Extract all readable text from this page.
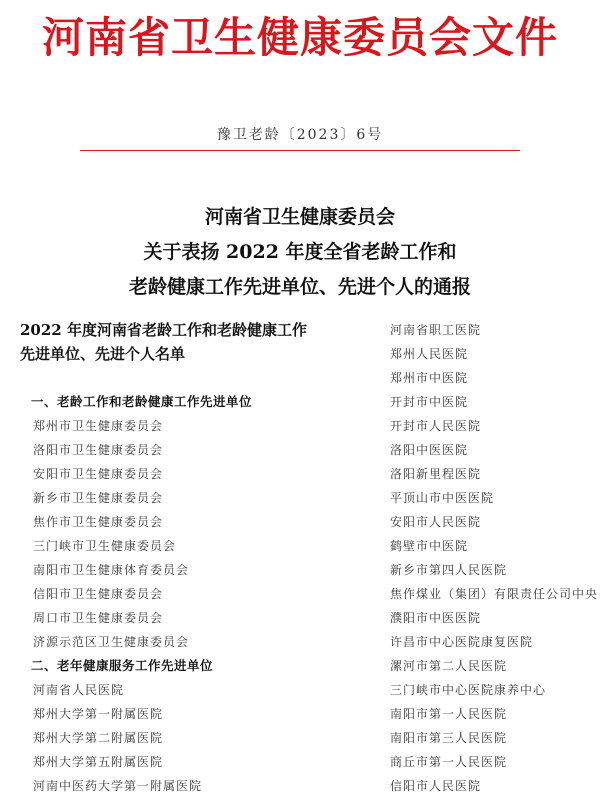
河南省卫生健康委员会文件
豫卫老龄〔2023〕6号
河南省卫生健康委员会
关于表扬 2022 年度全省老龄工作和
老龄健康工作先进单位、先进个人的通报
2022 年度河南省老龄工作和老龄健康工作
先进单位、先进个人名单
一、老龄工作和老龄健康工作先进单位
郑州市卫生健康委员会
洛阳市卫生健康委员会
安阳市卫生健康委员会
新乡市卫生健康委员会
焦作市卫生健康委员会
三门峡市卫生健康委员会
南阳市卫生健康体育委员会
信阳市卫生健康委员会
周口市卫生健康委员会
济源示范区卫生健康委员会
二、老年健康服务工作先进单位
河南省人民医院
郑州大学第一附属医院
郑州大学第二附属医院
郑州大学第五附属医院
河南中医药大学第一附属医院
河南省职工医院
郑州人民医院
郑州市中医院
开封市中医院
开封市人民医院
洛阳中医医院
洛阳新里程医院
平顶山市中医医院
安阳市人民医院
鹤壁市中医院
新乡市第四人民医院
焦作煤业（集团）有限责任公司中央
濮阳市中医医院
许昌市中心医院康复医院
漯河市第二人民医院
三门峡市中心医院康养中心
南阳市第一人民医院
南阳市第三人民医院
商丘市第一人民医院
信阳市人民医院
